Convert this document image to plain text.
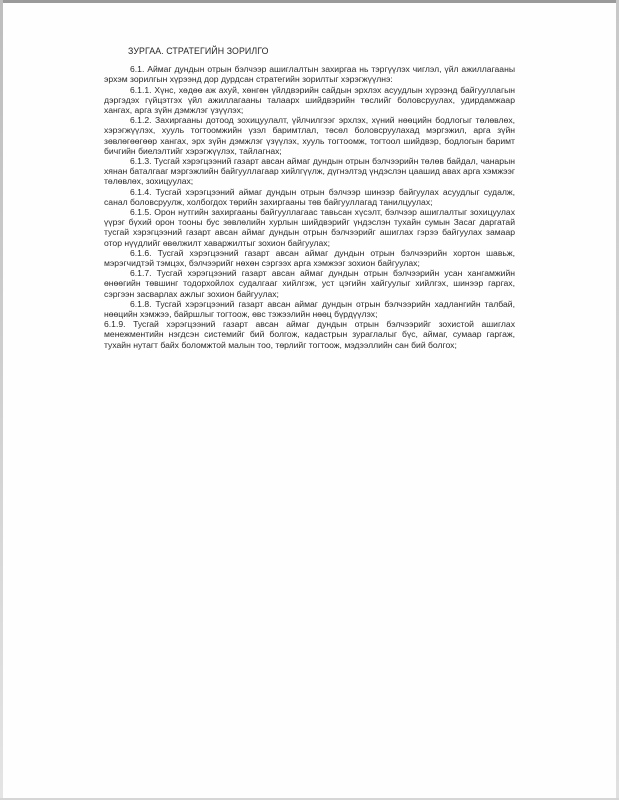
ЗУРГАА. СТРАТЕГИЙН ЗОРИЛГО

6.1. Аймаг дундын отрын бэлчээр ашиглалтын захиргаа нь тэргүүлэх чиглэл, үйл ажиллагааны эрхэм зорилгын хүрээнд дор дурдсан стратегийн зорилтыг хэрэгжүүлнэ:

6.1.1. Хүнс, хөдөө аж ахуй, хөнгөн үйлдвэрийн сайдын эрхлэх асуудлын хүрээнд байгууллагын дэргэдэх гүйцэтгэх үйл ажиллагааны талаарх шийдвэрийн төслийг боловсруулах, удирдамжаар хангах, арга зүйн дэмжлэг үзүүлэх;

6.1.2. Захиргааны дотоод зохицуулалт, үйлчилгээг эрхлэх, хүний нөөцийн бодлогыг төлөвлөх, хэрэгжүүлэх, хууль тогтоомжийн үзэл баримтлал, төсөл боловсруулахад мэргэжил, арга зүйн зөвлөгөөгөөр хангах, эрх зүйн дэмжлэг үзүүлэх, хууль тогтоомж, тогтоол шийдвэр, бодлогын баримт бичгийн биелэлтийг хэрэгжүүлэх, тайлагнах;

6.1.3. Тусгай хэрэгцээний газарт авсан аймаг дундын отрын бэлчээрийн төлөв байдал, чанарын хянан баталгааг мэргэжлийн байгууллагаар хийлгүүлж, дүгнэлтэд үндэслэн цаашид авах арга хэмжээг төлөвлөх, зохицуулах;

6.1.4. Тусгай хэрэгцээний аймаг дундын отрын бэлчээр шинээр байгуулах асуудлыг судалж, санал боловсруулж, холбогдох төрийн захиргааны төв байгууллагад танилцуулах;

6.1.5. Орон нутгийн захиргааны байгууллагаас тавьсан хүсэлт, бэлчээр ашиглалтыг зохицуулах үүрэг бүхий орон тооны бус зөвлөлийн хурлын шийдвэрийг үндэслэн тухайн сумын Засаг даргатай тусгай хэрэгцээний газарт авсан аймаг дундын отрын бэлчээрийг ашиглах гэрээ байгуулах замаар отор нүүдлийг өвөлжилт хаваржилтыг зохион байгуулах;

6.1.6. Тусгай хэрэгцээний газарт авсан аймаг дундын отрын бэлчээрийн хортон шавьж, мэрэгчидтэй тэмцэх, бэлчээрийг нөхөн сэргээх арга хэмжээг зохион байгуулах;

6.1.7. Тусгай хэрэгцээний газарт авсан аймаг дундын отрын бэлчээрийн усан хангамжийн өнөөгийн төвшинг тодорхойлох судалгааг хийлгэж, уст цэгийн хайгуулыг хийлгэх, шинээр гаргах, сэргээн засварлах ажлыг зохион байгуулах;

6.1.8. Тусгай хэрэгцээний газарт авсан аймаг дундын отрын бэлчээрийн хадлангийн талбай, нөөцийн хэмжээ, байршлыг тогтоож, өвс тэжээлийн нөөц бүрдүүлэх;

6.1.9. Тусгай хэрэгцээний газарт авсан аймаг дундын отрын бэлчээрийг зохистой ашиглах менежментийн нэгдсэн системийг бий болгож, кадастрын зураглалыг бүс, аймаг, сумаар гаргаж, тухайн нутагт байх боломжтой малын тоо, төрлийг тогтоож, мэдээллийн сан бий болгох;
